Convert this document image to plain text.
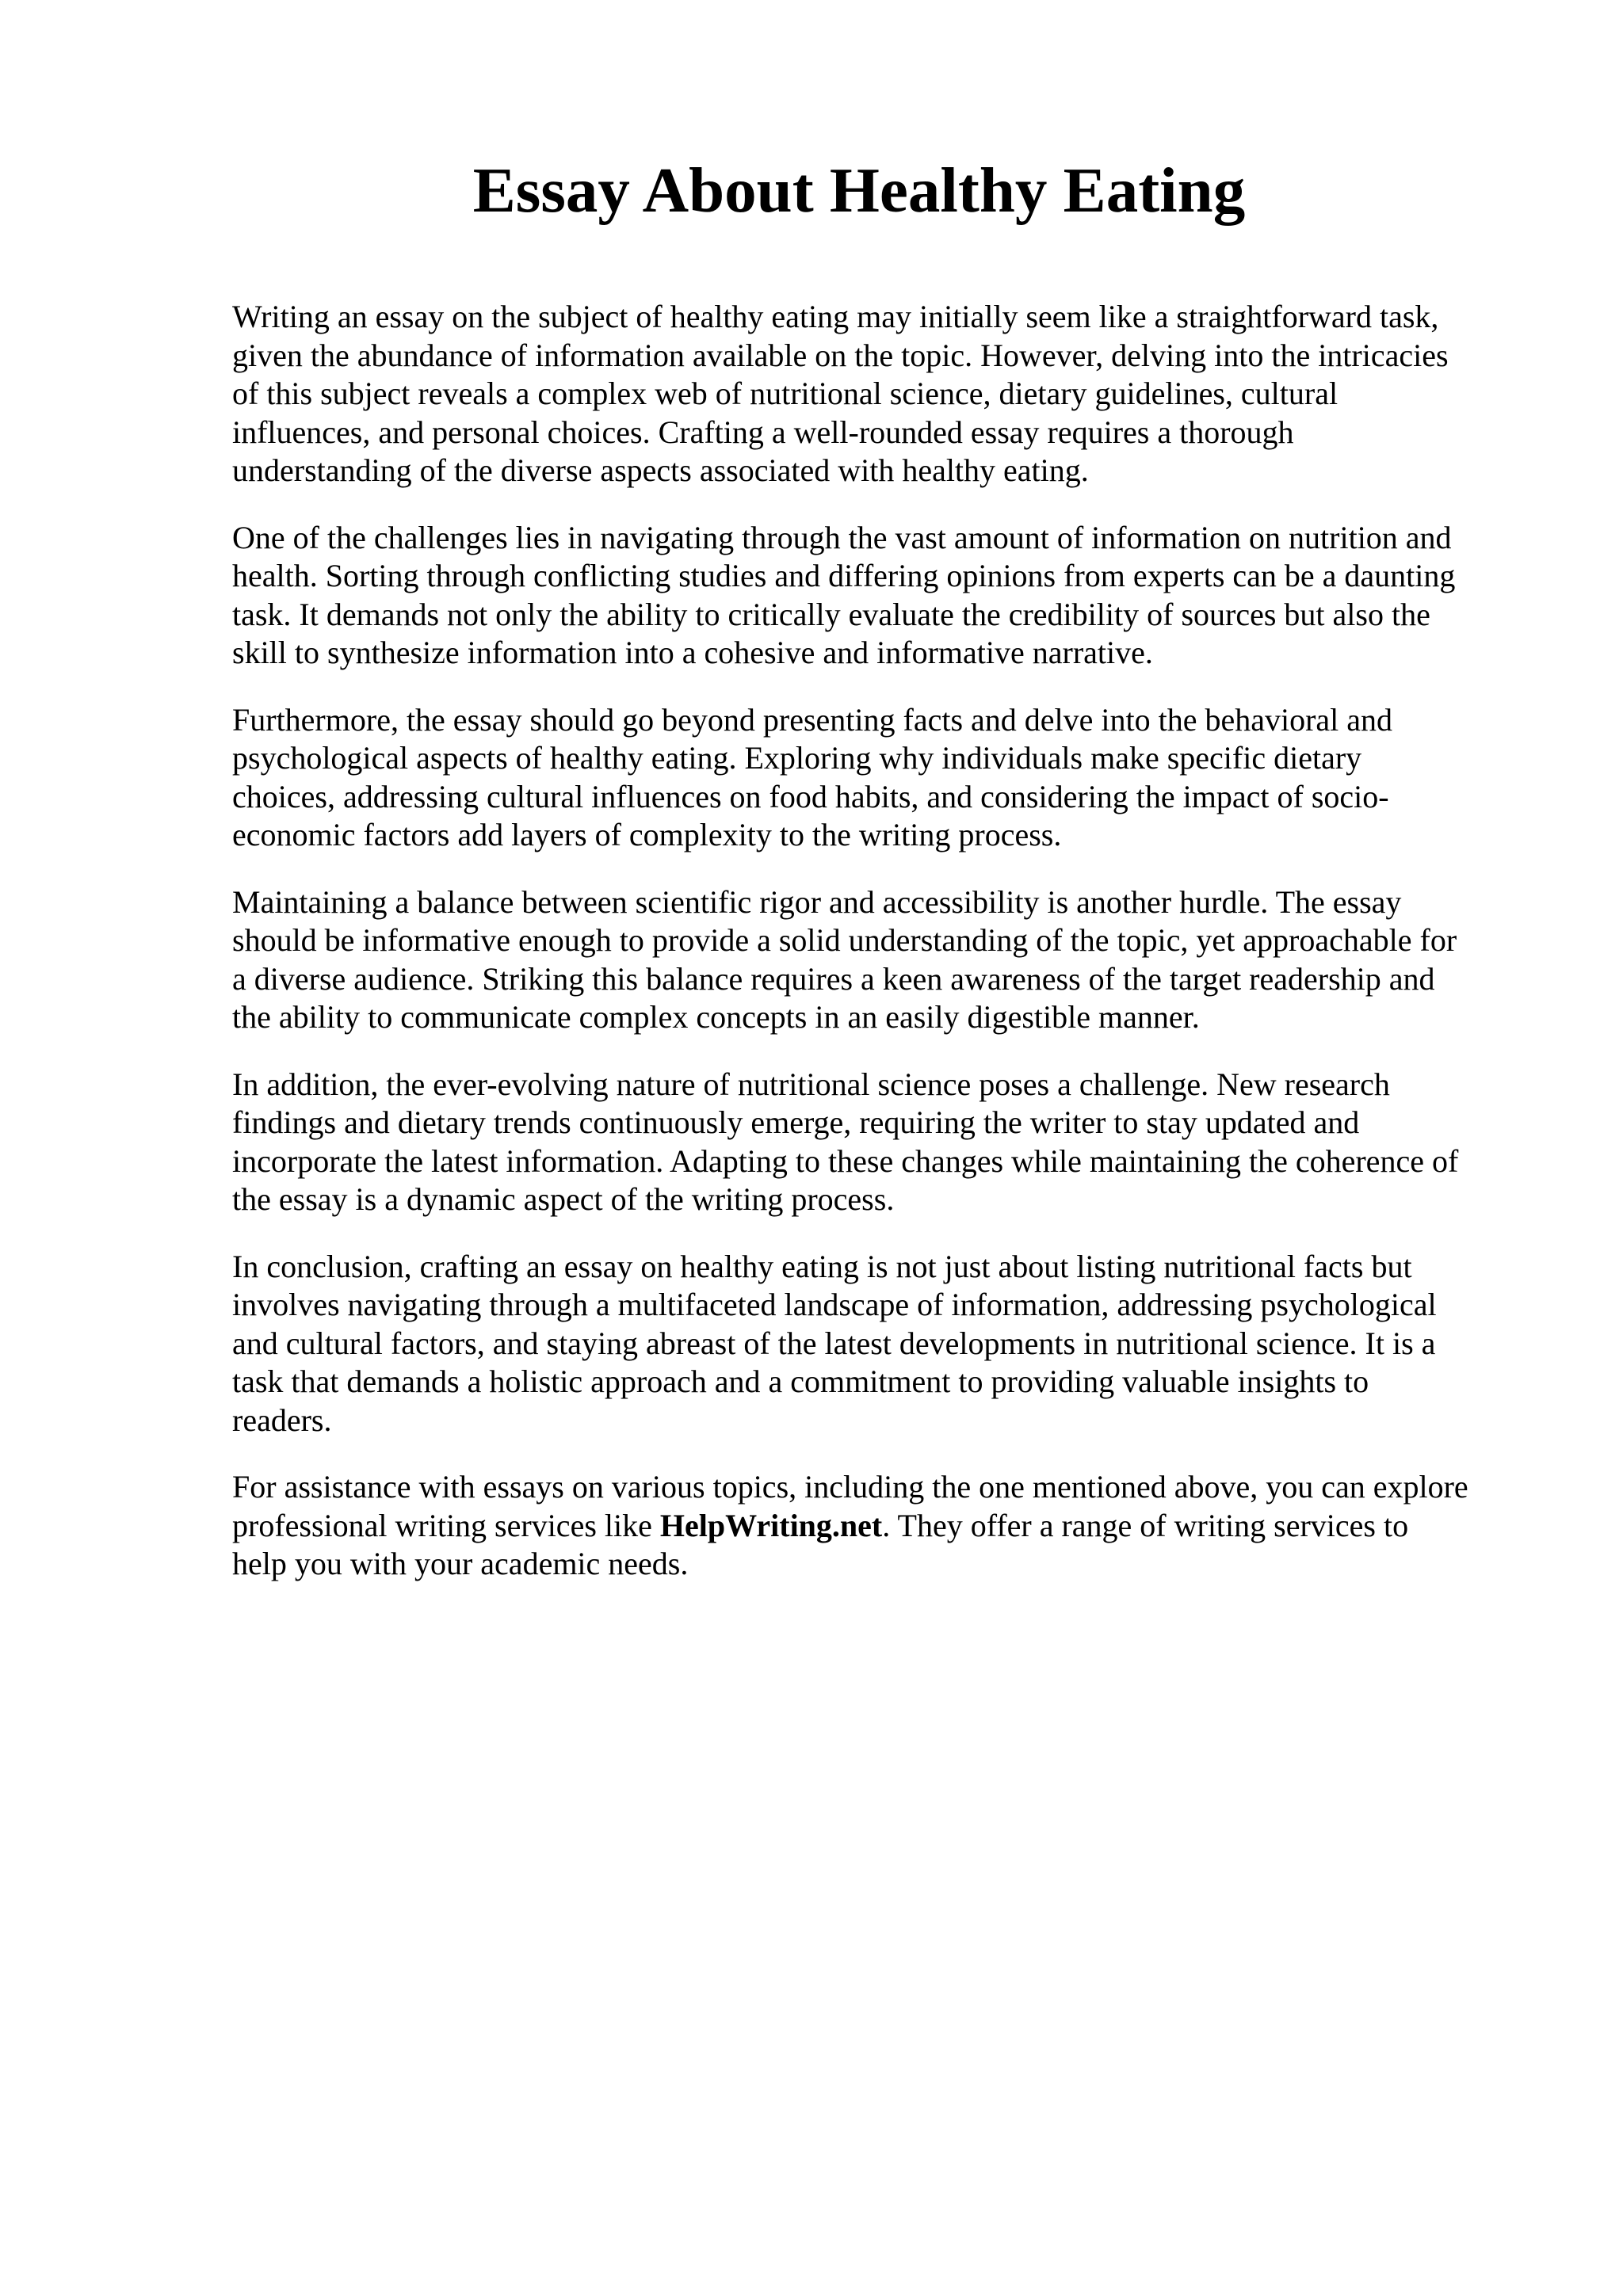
Essay About Healthy Eating

Writing an essay on the subject of healthy eating may initially seem like a straightforward task,
given the abundance of information available on the topic. However, delving into the intricacies
of this subject reveals a complex web of nutritional science, dietary guidelines, cultural
influences, and personal choices. Crafting a well-rounded essay requires a thorough
understanding of the diverse aspects associated with healthy eating.

One of the challenges lies in navigating through the vast amount of information on nutrition and
health. Sorting through conflicting studies and differing opinions from experts can be a daunting
task. It demands not only the ability to critically evaluate the credibility of sources but also the
skill to synthesize information into a cohesive and informative narrative.

Furthermore, the essay should go beyond presenting facts and delve into the behavioral and
psychological aspects of healthy eating. Exploring why individuals make specific dietary
choices, addressing cultural influences on food habits, and considering the impact of socio-
economic factors add layers of complexity to the writing process.

Maintaining a balance between scientific rigor and accessibility is another hurdle. The essay
should be informative enough to provide a solid understanding of the topic, yet approachable for
a diverse audience. Striking this balance requires a keen awareness of the target readership and
the ability to communicate complex concepts in an easily digestible manner.

In addition, the ever-evolving nature of nutritional science poses a challenge. New research
findings and dietary trends continuously emerge, requiring the writer to stay updated and
incorporate the latest information. Adapting to these changes while maintaining the coherence of
the essay is a dynamic aspect of the writing process.

In conclusion, crafting an essay on healthy eating is not just about listing nutritional facts but
involves navigating through a multifaceted landscape of information, addressing psychological
and cultural factors, and staying abreast of the latest developments in nutritional science. It is a
task that demands a holistic approach and a commitment to providing valuable insights to
readers.

For assistance with essays on various topics, including the one mentioned above, you can explore
professional writing services like HelpWriting.net. They offer a range of writing services to
help you with your academic needs.
